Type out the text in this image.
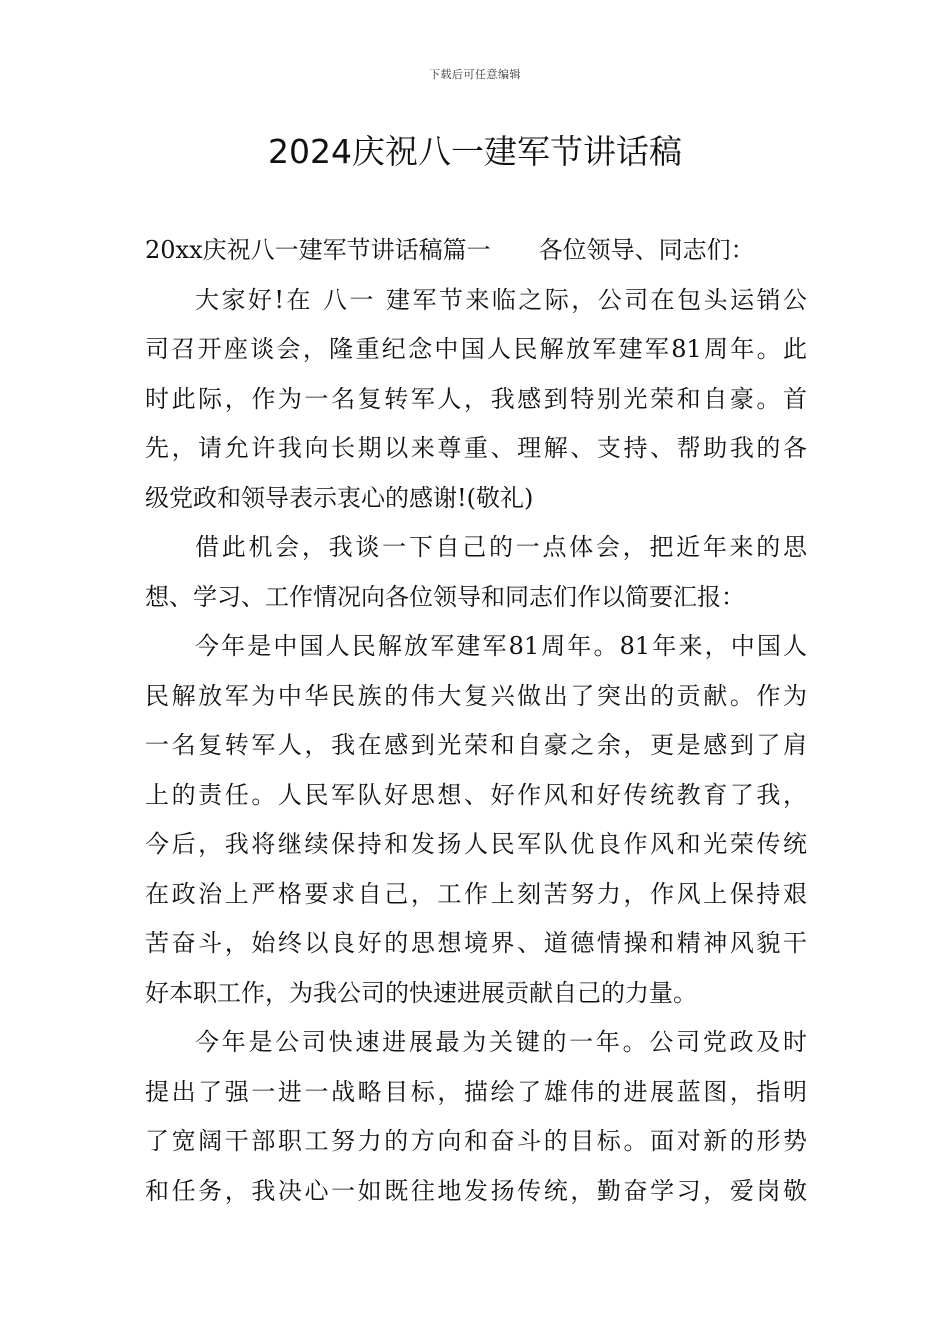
下载后可任意编辑
2024庆祝八一建军节讲话稿
20xx庆祝八一建军节讲话稿篇一 各位领导、同志们：
大家好!在 八一 建军节来临之际，公司在包头运销公
司召开座谈会，隆重纪念中国人民解放军建军81周年。此
时此际，作为一名复转军人，我感到特别光荣和自豪。首
先，请允许我向长期以来尊重、理解、支持、帮助我的各
级党政和领导表示衷心的感谢!(敬礼)
借此机会，我谈一下自己的一点体会，把近年来的思
想、学习、工作情况向各位领导和同志们作以简要汇报：
今年是中国人民解放军建军81周年。81年来，中国人
民解放军为中华民族的伟大复兴做出了突出的贡献。作为
一名复转军人，我在感到光荣和自豪之余，更是感到了肩
上的责任。人民军队好思想、好作风和好传统教育了我，
今后，我将继续保持和发扬人民军队优良作风和光荣传统
在政治上严格要求自己，工作上刻苦努力，作风上保持艰
苦奋斗，始终以良好的思想境界、道德情操和精神风貌干
好本职工作，为我公司的快速进展贡献自己的力量。
今年是公司快速进展最为关键的一年。公司党政及时
提出了强一进一战略目标，描绘了雄伟的进展蓝图，指明
了宽阔干部职工努力的方向和奋斗的目标。面对新的形势
和任务，我决心一如既往地发扬传统，勤奋学习，爱岗敬
